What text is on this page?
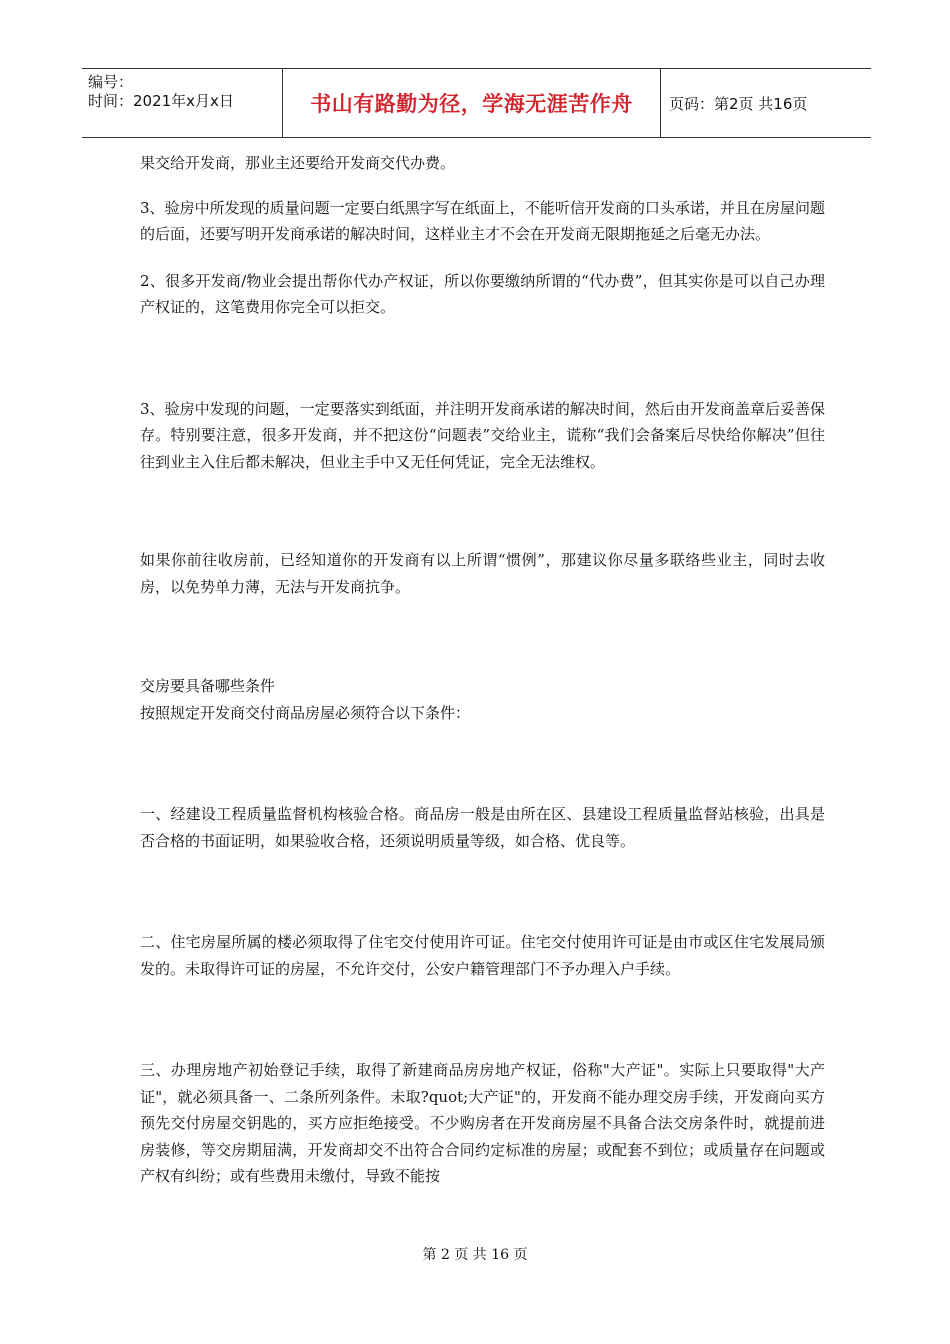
编号：
时间：2021年x月x日	书山有路勤为径，学海无涯苦作舟 页码：第2页 共16页

果交给开发商，那业主还要给开发商交代办费。

3、验房中所发现的质量问题一定要白纸黑字写在纸面上，不能听信开发商的口头承诺，并且在房屋问题的后面，还要写明开发商承诺的解决时间，这样业主才不会在开发商无限期拖延之后毫无办法。

2、很多开发商/物业会提出帮你代办产权证，所以你要缴纳所谓的“代办费”，但其实你是可以自己办理产权证的，这笔费用你完全可以拒交。

3、验房中发现的问题，一定要落实到纸面，并注明开发商承诺的解决时间，然后由开发商盖章后妥善保存。特别要注意，很多开发商，并不把这份“问题表”交给业主，谎称“我们会备案后尽快给你解决”但往往到业主入住后都未解决，但业主手中又无任何凭证，完全无法维权。

如果你前往收房前，已经知道你的开发商有以上所谓“惯例”，那建议你尽量多联络些业主，同时去收房，以免势单力薄，无法与开发商抗争。

交房要具备哪些条件

按照规定开发商交付商品房屋必须符合以下条件：

一、经建设工程质量监督机构核验合格。商品房一般是由所在区、县建设工程质量监督站核验，出具是否合格的书面证明，如果验收合格，还须说明质量等级，如合格、优良等。

二、住宅房屋所属的楼必须取得了住宅交付使用许可证。住宅交付使用许可证是由市或区住宅发展局颁发的。未取得许可证的房屋，不允许交付，公安户籍管理部门不予办理入户手续。

三、办理房地产初始登记手续，取得了新建商品房房地产权证，俗称"大产证"。实际上只要取得"大产证"，就必须具备一、二条所列条件。未取?quot;大产证"的，开发商不能办理交房手续，开发商向买方预先交付房屋交钥匙的，买方应拒绝接受。不少购房者在开发商房屋不具备合法交房条件时，就提前进房装修，等交房期届满，开发商却交不出符合合同约定标准的房屋；或配套不到位；或质量存在问题或产权有纠纷；或有些费用未缴付，导致不能按

第 2 页 共 16 页
